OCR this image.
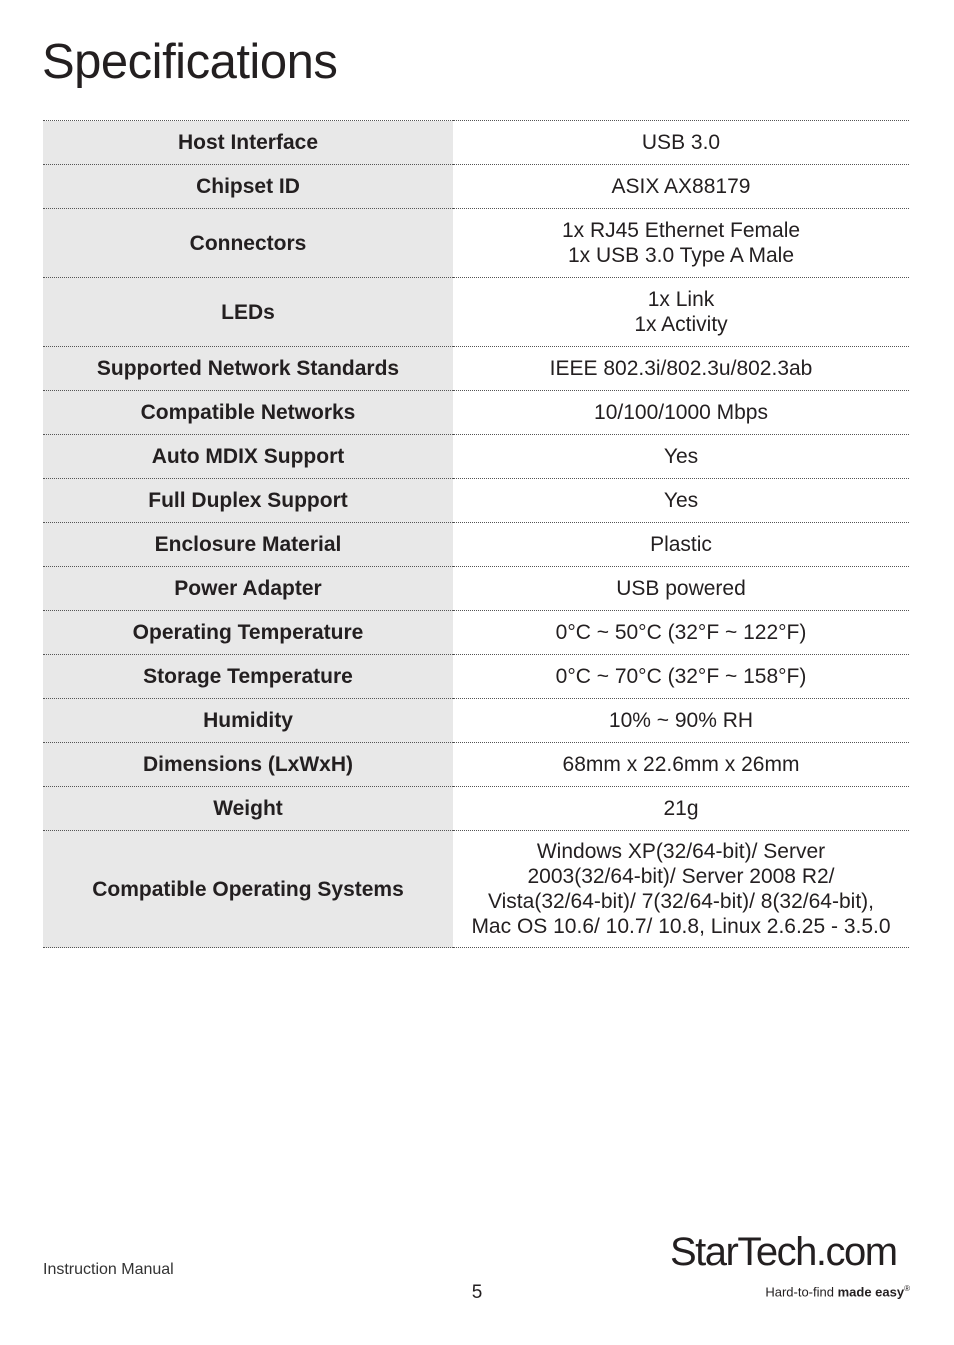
Specifications
Host Interface	USB 3.0

Chipset ID	ASIX AX88179

Connectors	1x RJ45 Ethernet Female
1x USB 3.0 Type A Male

LEDs	1x Link
1x Activity

Supported Network Standards	IEEE 802.3i/802.3u/802.3ab

Compatible Networks	10/100/1000 Mbps

Auto MDIX Support	Yes

Full Duplex Support	Yes

Enclosure Material	Plastic

Power Adapter	USB powered

Operating Temperature	0°C ~ 50°C (32°F ~ 122°F)

Storage Temperature	0°C ~ 70°C (32°F ~ 158°F)

Humidity	10% ~ 90% RH

Dimensions (LxWxH)	68mm x 22.6mm x 26mm

Weight	21g

Compatible Operating Systems	Windows XP(32/64-bit)/ Server
2003(32/64-bit)/ Server 2008 R2/
Vista(32/64-bit)/ 7(32/64-bit)/ 8(32/64-bit),
Mac OS 10.6/ 10.7/ 10.8, Linux 2.6.25 - 3.5.0
Instruction Manual
5
StarTech.com
Hard-to-find made easy®
